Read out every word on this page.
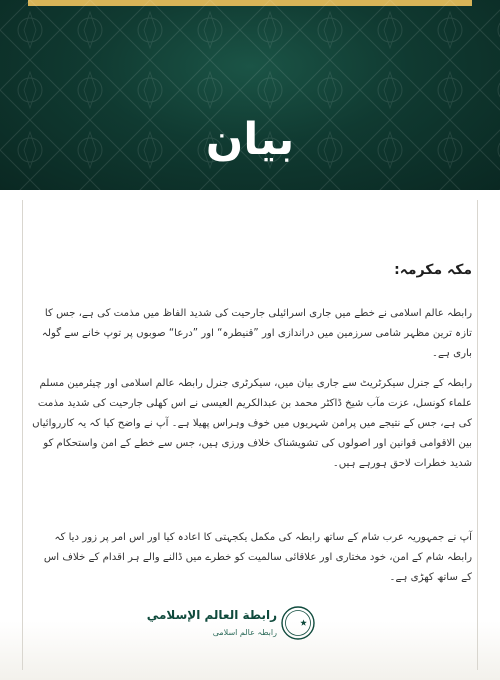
بیان
مکہ مکرمہ:
رابطہ عالم اسلامی نے خطے میں جاری اسرائیلی جارحیت کی شدید الفاظ میں مذمت کی ہے، جس کا تازہ ترین مظہر شامی سرزمین میں دراندازی اور ”قنیطرہ“ اور ”درعا“ صوبوں پر توپ خانے سے گولہ باری ہے۔
رابطہ کے جنرل سیکرٹریٹ سے جاری بیان میں، سیکرٹری جنرل رابطہ عالم اسلامی اور چیئرمین مسلم علماء کونسل، عزت مآب شیخ ڈاکٹر محمد بن عبدالکریم العیسی نے اس کھلی جارحیت کی شدید مذمت کی ہے، جس کے نتیجے میں پرامن شہریوں میں خوف وہراس پھیلا ہے۔ آپ نے واضح کیا کہ یہ کارروائیاں بین الاقوامی قوانین اور اصولوں کی تشویشناک خلاف ورزی ہیں، جس سے خطے کے امن واستحکام کو شدید خطرات لاحق ہورہے ہیں۔
آپ نے جمہوریہ عرب شام کے ساتھ رابطہ کی مکمل یکجہتی کا اعادہ کیا اور اس امر پر زور دیا کہ رابطہ شام کے امن، خود مختاری اور علاقائی سالمیت کو خطرے میں ڈالنے والے ہر اقدام کے خلاف اس کے ساتھ کھڑی ہے۔
رابطة العالم الإسلامي
رابطہ عالم اسلامی
